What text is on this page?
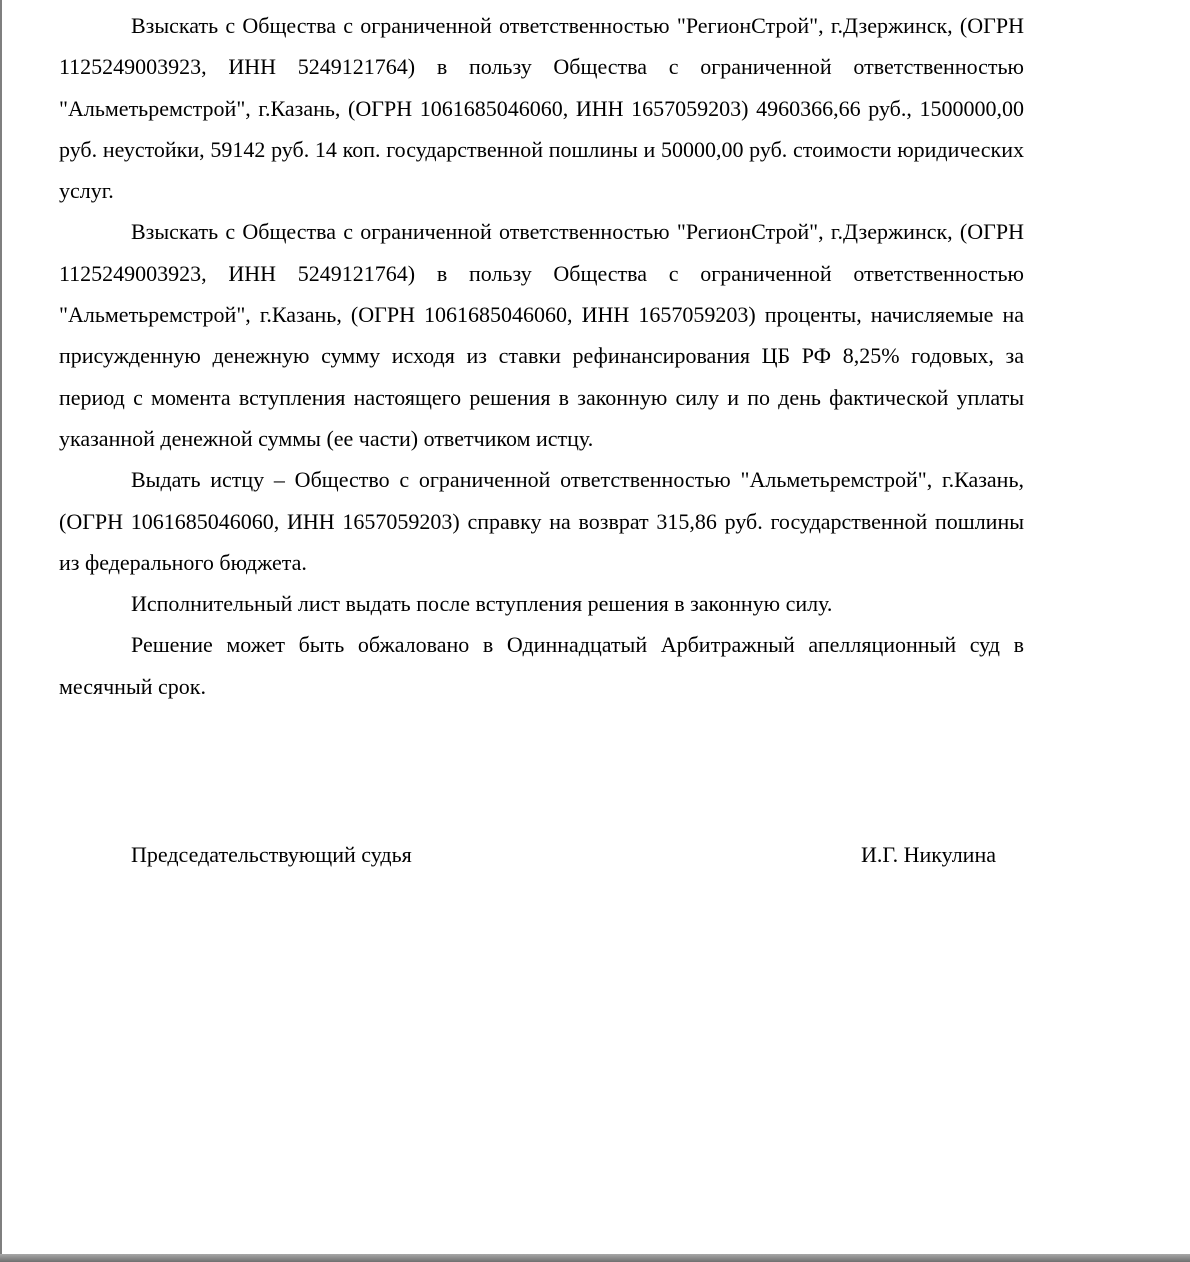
Взыскать с Общества с ограниченной ответственностью "РегионСтрой", г.Дзержинск, (ОГРН 1125249003923, ИНН 5249121764) в пользу Общества с ограниченной ответственностью "Альметьремстрой", г.Казань, (ОГРН 1061685046060, ИНН 1657059203) 4960366,66 руб., 1500000,00 руб. неустойки, 59142 руб. 14 коп. государственной пошлины и 50000,00 руб. стоимости юридических услуг.

Взыскать с Общества с ограниченной ответственностью "РегионСтрой", г.Дзержинск, (ОГРН 1125249003923, ИНН 5249121764) в пользу Общества с ограниченной ответственностью "Альметьремстрой", г.Казань, (ОГРН 1061685046060, ИНН 1657059203) проценты, начисляемые на присужденную денежную сумму исходя из ставки рефинансирования ЦБ РФ 8,25% годовых, за период с момента вступления настоящего решения в законную силу и по день фактической уплаты указанной денежной суммы (ее части) ответчиком истцу.

Выдать истцу – Общество с ограниченной ответственностью "Альметьремстрой", г.Казань, (ОГРН 1061685046060, ИНН 1657059203) справку на возврат 315,86 руб. государственной пошлины из федерального бюджета.

Исполнительный лист выдать после вступления решения в законную силу.

Решение может быть обжаловано в Одиннадцатый Арбитражный апелляционный суд в месячный срок.

Председательствующий судья	И.Г. Никулина
